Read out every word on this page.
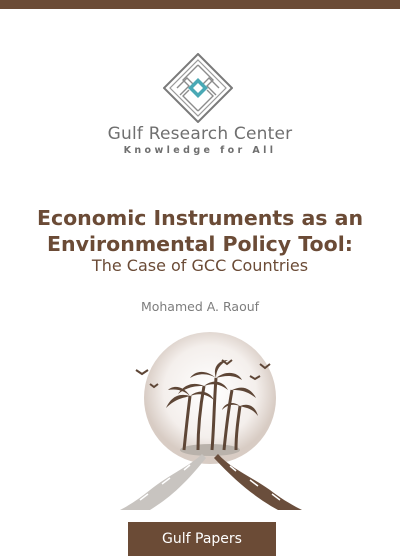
Gulf Research Center
Knowledge for All
Economic Instruments as an
Environmental Policy Tool:
The Case of GCC Countries
Mohamed A. Raouf
Gulf Papers
